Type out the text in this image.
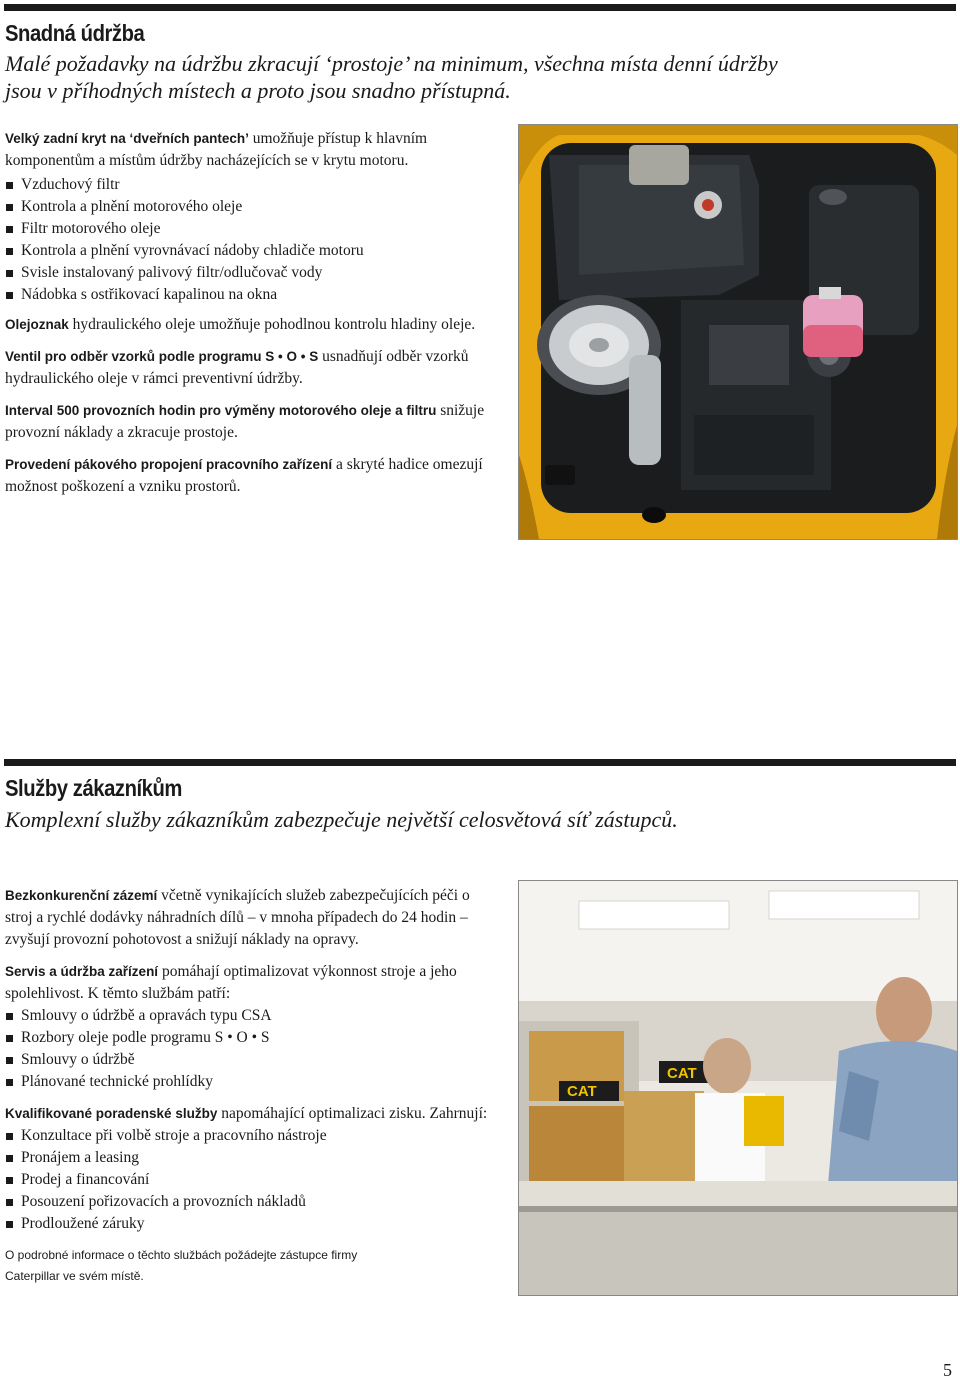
Snadná údržba

Malé požadavky na údržbu zkracují ‘prostoje’ na minimum, všechna místa denní údržby jsou v příhodných místech a proto jsou snadno přístupná.

Velký zadní kryt na ‘dveřních pantech’ umožňuje přístup k hlavním komponentům a místům údržby nacházejících se v krytu motoru.

Vzduchový filtr
Kontrola a plnění motorového oleje
Filtr motorového oleje
Kontrola a plnění vyrovnávací nádoby chladiče motoru
Svisle instalovaný palivový filtr/odlučovač vody
Nádobka s ostřikovací kapalinou na okna

Olejoznak hydraulického oleje umožňuje pohodlnou kontrolu hladiny oleje.

Ventil pro odběr vzorků podle programu S • O • S usnadňují odběr vzorků hydraulického oleje v rámci preventivní údržby.

Interval 500 provozních hodin pro výměny motorového oleje a filtru snižuje provozní náklady a zkracuje prostoje.

Provedení pákového propojení pracovního zařízení a skryté hadice omezují možnost poškození a vzniku prostorů.

Služby zákazníkům

Komplexní služby zákazníkům zabezpečuje největší celosvětová síť zástupců.

Bezkonkurenční zázemí včetně vynikajících služeb zabezpečujících péči o stroj a rychlé dodávky náhradních dílů – v mnoha případech do 24 hodin – zvyšují provozní pohotovost a snižují náklady na opravy.

Servis a údržba zařízení pomáhají optimalizovat výkonnost stroje a jeho spolehlivost. K těmto službám patří:

Smlouvy o údržbě a opravách typu CSA
Rozbory oleje podle programu S • O • S
Smlouvy o údržbě
Plánované technické prohlídky

Kvalifikované poradenské služby napomáhající optimalizaci zisku. Zahrnují:

Konzultace při volbě stroje a pracovního nástroje
Pronájem a leasing
Prodej a financování
Posouzení pořizovacích a provozních nákladů
Prodloužené záruky
O podrobné informace o těchto službách požádejte zástupce firmy Caterpillar ve svém místě.
CAT
CAT
5
